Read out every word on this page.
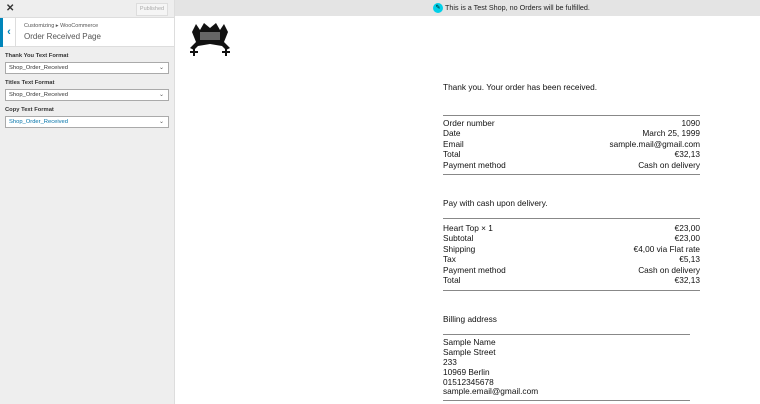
✕	Published
‹	Customizing ▸ WooCommerce
Order Received Page
Thank You Text Format
Shop_Order_Received	⌄
Titles Text Format
Shop_Order_Received	⌄
Copy Text Format
Shop_Order_Received	⌄
✎ This is a Test Shop, no Orders will be fulfilled.
Thank you. Your order has been received.
Order number	1090
Date	March 25, 1999
Email	sample.mail@gmail.com
Total	€32,13
Payment method	Cash on delivery
Pay with cash upon delivery.
Heart Top × 1	€23,00
Subtotal	€23,00
Shipping	€4,00 via Flat rate
Tax	€5,13
Payment method	Cash on delivery
Total	€32,13
Billing address
Sample Name
Sample Street
233
10969 Berlin
01512345678
sample.email@gmail.com
